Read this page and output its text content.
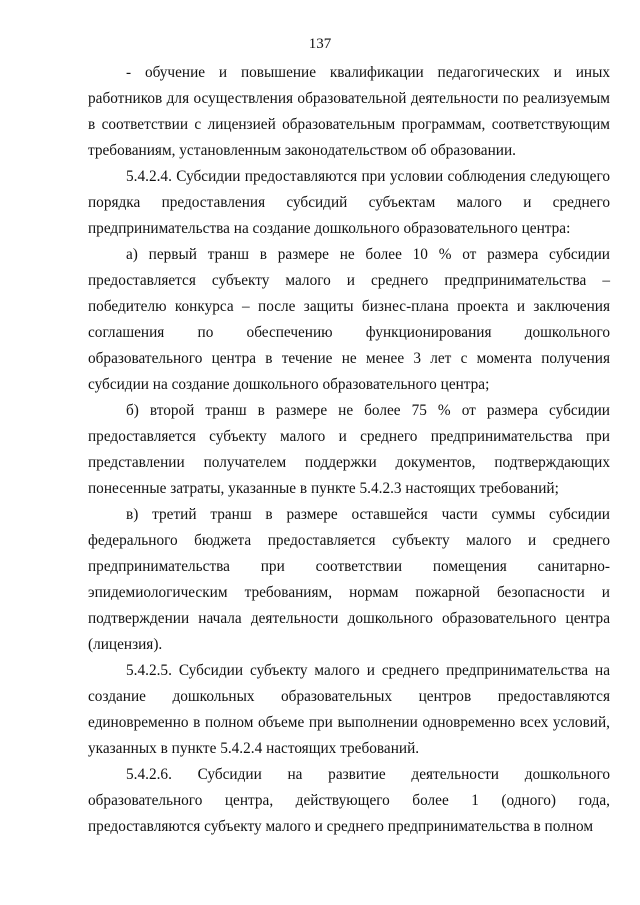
137

- обучение и повышение квалификации педагогических и иных работников для осуществления образовательной деятельности по реализуемым в соответствии с лицензией образовательным программам, соответствующим требованиям, установленным законодательством об образовании.

5.4.2.4. Субсидии предоставляются при условии соблюдения следующего порядка предоставления субсидий субъектам малого и среднего предпринимательства на создание дошкольного образовательного центра:

а) первый транш в размере не более 10 % от размера субсидии предоставляется субъекту малого и среднего предпринимательства – победителю конкурса – после защиты бизнес-плана проекта и заключения соглашения по обеспечению функционирования дошкольного образовательного центра в течение не менее 3 лет с момента получения субсидии на создание дошкольного образовательного центра;

б) второй транш в размере не более 75 % от размера субсидии предоставляется субъекту малого и среднего предпринимательства при представлении получателем поддержки документов, подтверждающих понесенные затраты, указанные в пункте 5.4.2.3 настоящих требований;

в) третий транш в размере оставшейся части суммы субсидии федерального бюджета предоставляется субъекту малого и среднего предпринимательства при соответствии помещения санитарно-эпидемиологическим требованиям, нормам пожарной безопасности и подтверждении начала деятельности дошкольного образовательного центра (лицензия).

5.4.2.5. Субсидии субъекту малого и среднего предпринимательства на создание дошкольных образовательных центров предоставляются единовременно в полном объеме при выполнении одновременно всех условий, указанных в пункте 5.4.2.4 настоящих требований.

5.4.2.6. Субсидии на развитие деятельности дошкольного образовательного центра, действующего более 1 (одного) года, предоставляются субъекту малого и среднего предпринимательства в полном
